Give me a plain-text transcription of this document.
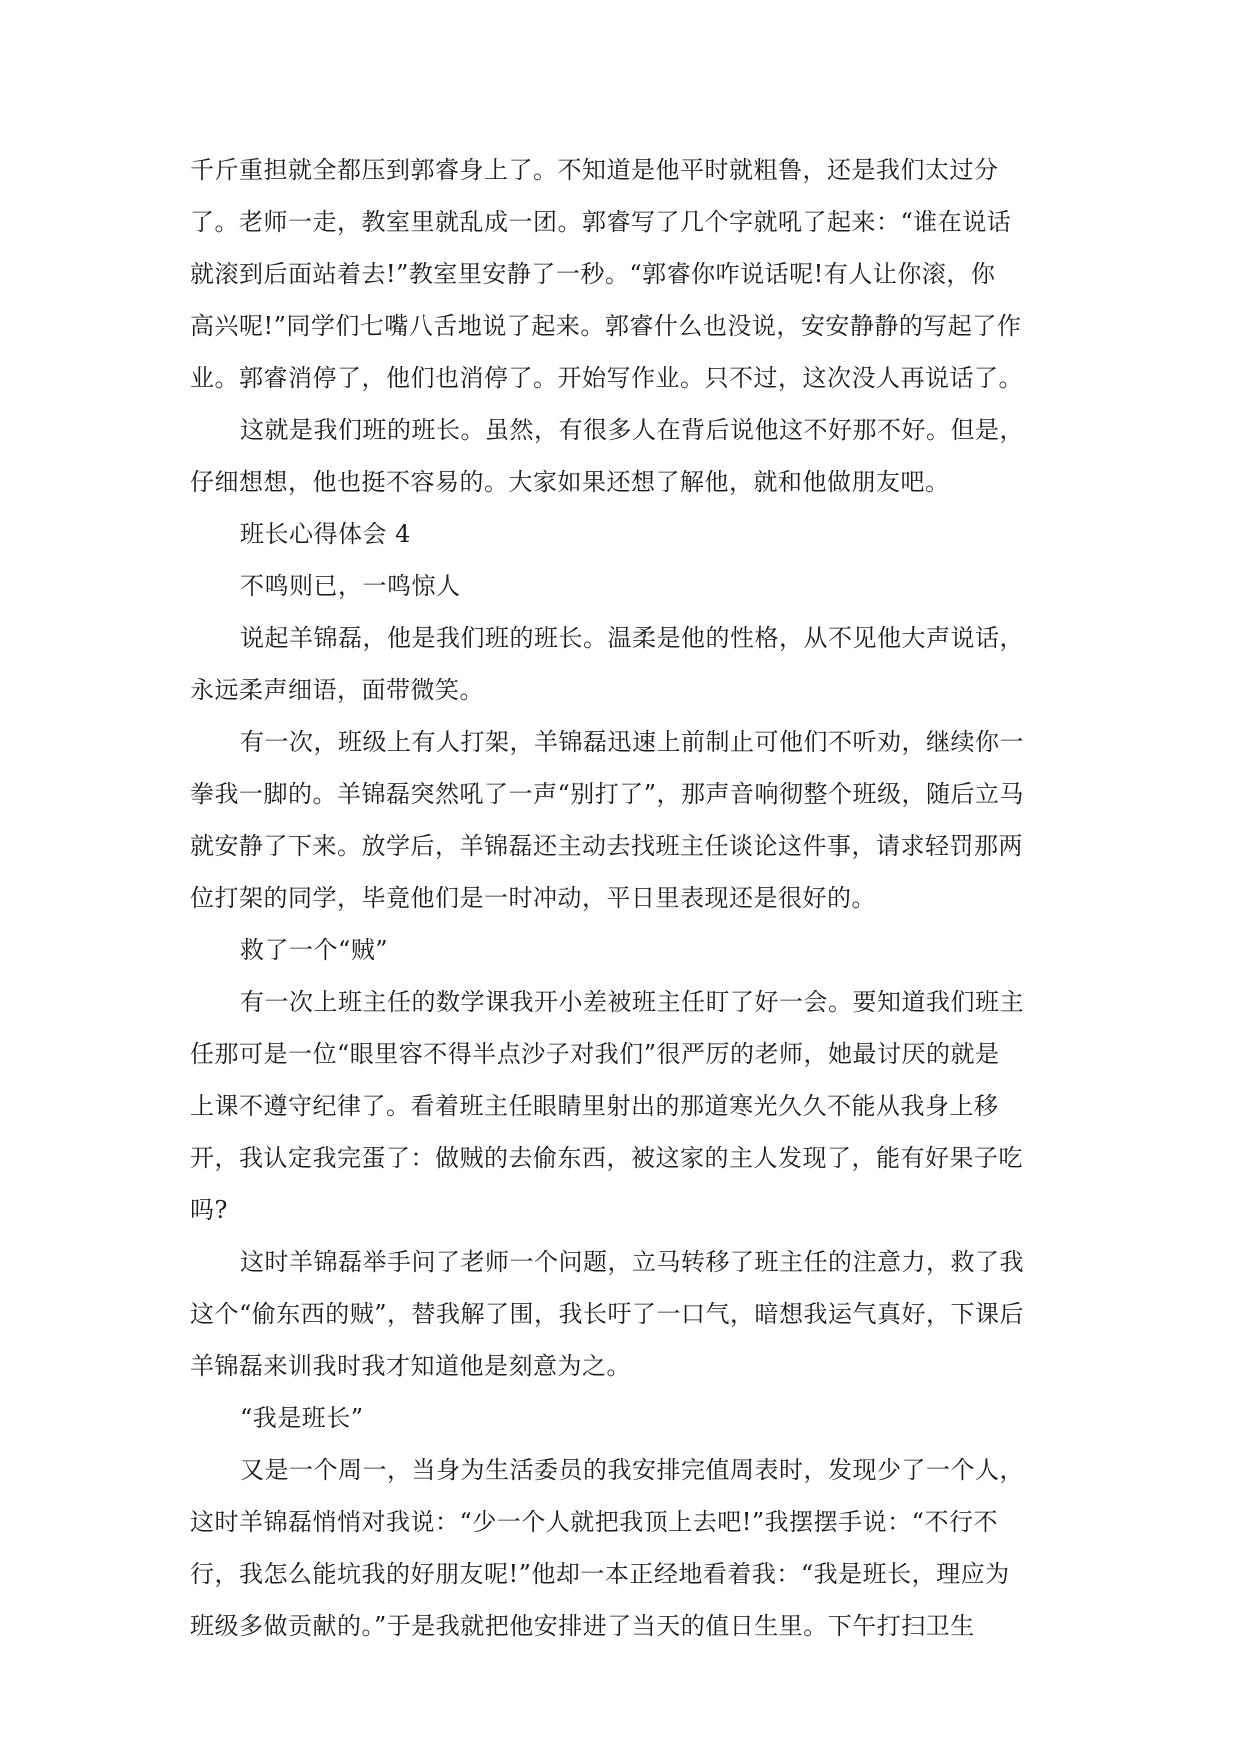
千斤重担就全都压到郭睿身上了。不知道是他平时就粗鲁，还是我们太过分
了。老师一走，教室里就乱成一团。郭睿写了几个字就吼了起来：“谁在说话
就滚到后面站着去!”教室里安静了一秒。“郭睿你咋说话呢!有人让你滚，你
高兴呢!”同学们七嘴八舌地说了起来。郭睿什么也没说，安安静静的写起了作
业。郭睿消停了，他们也消停了。开始写作业。只不过，这次没人再说话了。
这就是我们班的班长。虽然，有很多人在背后说他这不好那不好。但是，
仔细想想，他也挺不容易的。大家如果还想了解他，就和他做朋友吧。
班长心得体会 4
不鸣则已，一鸣惊人
说起羊锦磊，他是我们班的班长。温柔是他的性格，从不见他大声说话，
永远柔声细语，面带微笑。
有一次，班级上有人打架，羊锦磊迅速上前制止可他们不听劝，继续你一
拳我一脚的。羊锦磊突然吼了一声“别打了”，那声音响彻整个班级，随后立马
就安静了下来。放学后，羊锦磊还主动去找班主任谈论这件事，请求轻罚那两
位打架的同学，毕竟他们是一时冲动，平日里表现还是很好的。
救了一个“贼”
有一次上班主任的数学课我开小差被班主任盯了好一会。要知道我们班主
任那可是一位“眼里容不得半点沙子对我们”很严厉的老师，她最讨厌的就是
上课不遵守纪律了。看着班主任眼睛里射出的那道寒光久久不能从我身上移
开，我认定我完蛋了：做贼的去偷东西，被这家的主人发现了，能有好果子吃
吗?
这时羊锦磊举手问了老师一个问题，立马转移了班主任的注意力，救了我
这个“偷东西的贼”，替我解了围，我长吁了一口气，暗想我运气真好，下课后
羊锦磊来训我时我才知道他是刻意为之。
“我是班长”
又是一个周一，当身为生活委员的我安排完值周表时，发现少了一个人，
这时羊锦磊悄悄对我说：“少一个人就把我顶上去吧!”我摆摆手说：“不行不
行，我怎么能坑我的好朋友呢!”他却一本正经地看着我：“我是班长，理应为
班级多做贡献的。”于是我就把他安排进了当天的值日生里。下午打扫卫生
